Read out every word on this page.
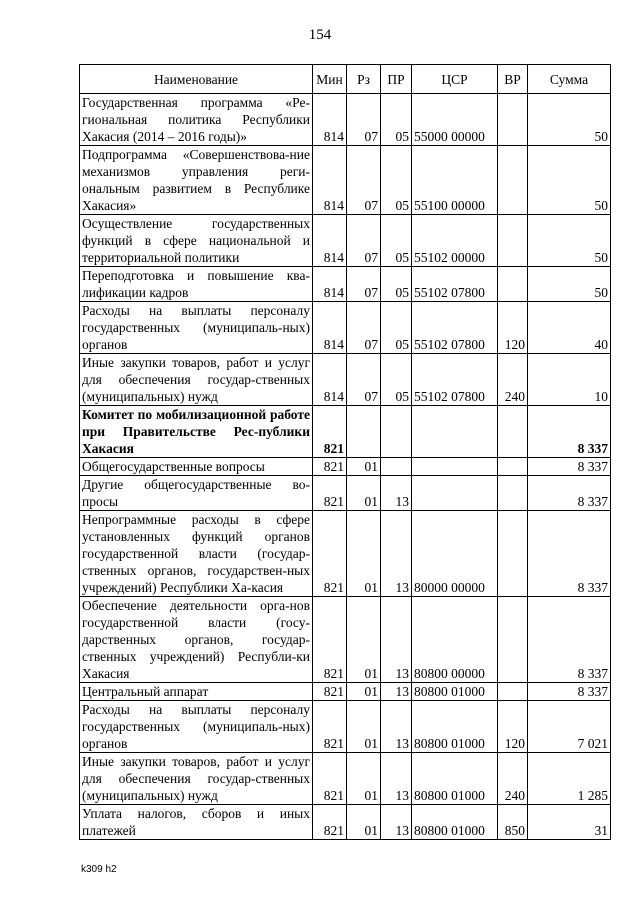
154
Наименование	Мин	Рз	ПР	ЦСР	ВР	Сумма
Государственная программа «Ре-гиональная политика Республики Хакасия (2014 – 2016 годы)»	814	07	05	55000 00000		50
Подпрограмма «Совершенствова-ние механизмов управления реги-ональным развитием в Республике Хакасия»	814	07	05	55100 00000		50
Осуществление государственных функций в сфере национальной и территориальной политики	814	07	05	55102 00000		50
Переподготовка и повышение ква-лификации кадров	814	07	05	55102 07800		50
Расходы на выплаты персоналу государственных (муниципаль-ных) органов	814	07	05	55102 07800	120	40
Иные закупки товаров, работ и услуг для обеспечения государ-ственных (муниципальных) нужд	814	07	05	55102 07800	240	10
Комитет по мобилизационной работе при Правительстве Рес-публики Хакасия	821					8 337
Общегосударственные вопросы	821	01				8 337
Другие общегосударственные во-просы	821	01	13			8 337
Непрограммные расходы в сфере установленных функций органов государственной власти (государ-ственных органов, государствен-ных учреждений) Республики Ха-касия	821	01	13	80000 00000		8 337
Обеспечение деятельности орга-нов государственной власти (госу-дарственных органов, государ-ственных учреждений) Республи-ки Хакасия	821	01	13	80800 00000		8 337
Центральный аппарат	821	01	13	80800 01000		8 337
Расходы на выплаты персоналу государственных (муниципаль-ных) органов	821	01	13	80800 01000	120	7 021
Иные закупки товаров, работ и услуг для обеспечения государ-ственных (муниципальных) нужд	821	01	13	80800 01000	240	1 285
Уплата налогов, сборов и иных платежей	821	01	13	80800 01000	850	31
k309 h2
